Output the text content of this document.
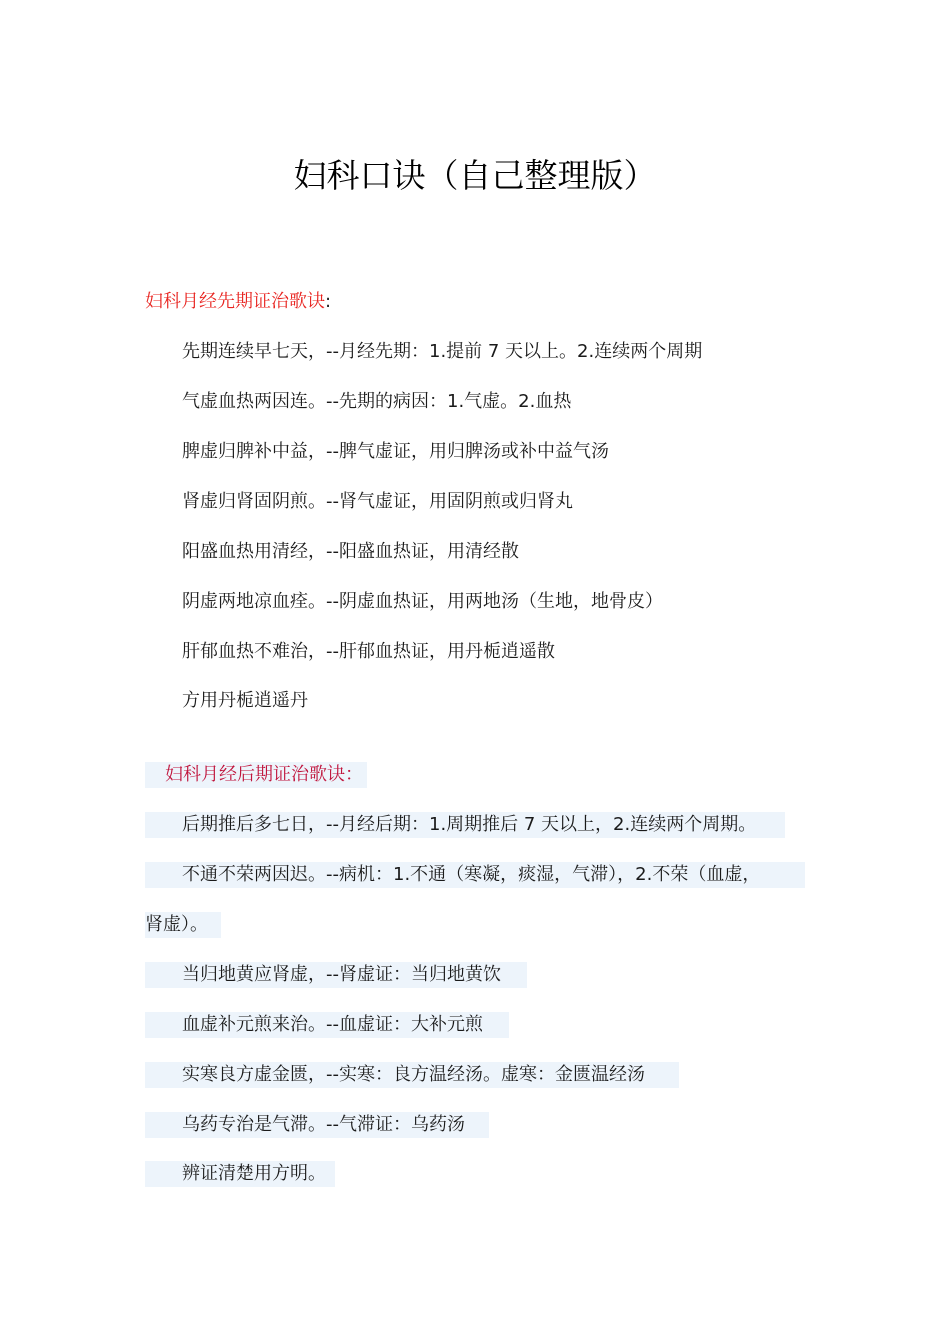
妇科口诀（自己整理版）
妇科月经先期证治歌诀:
先期连续早七天，--月经先期：1.提前 7 天以上。2.连续两个周期
气虚血热两因连。--先期的病因：1.气虚。2.血热
脾虚归脾补中益，--脾气虚证，用归脾汤或补中益气汤
肾虚归肾固阴煎。--肾气虚证，用固阴煎或归肾丸
阳盛血热用清经，--阳盛血热证，用清经散
阴虚两地凉血痊。--阴虚血热证，用两地汤（生地，地骨皮）
肝郁血热不难治，--肝郁血热证，用丹栀逍遥散
方用丹栀逍遥丹
妇科月经后期证治歌诀：
后期推后多七日，--月经后期：1.周期推后 7 天以上，2.连续两个周期。
不通不荣两因迟。--病机：1.不通（寒凝，痰湿，气滞），2.不荣（血虚，
肾虚）。
当归地黄应肾虚，--肾虚证：当归地黄饮
血虚补元煎来治。--血虚证：大补元煎
实寒良方虚金匮，--实寒：良方温经汤。虚寒：金匮温经汤
乌药专治是气滞。--气滞证：乌药汤
辨证清楚用方明。
